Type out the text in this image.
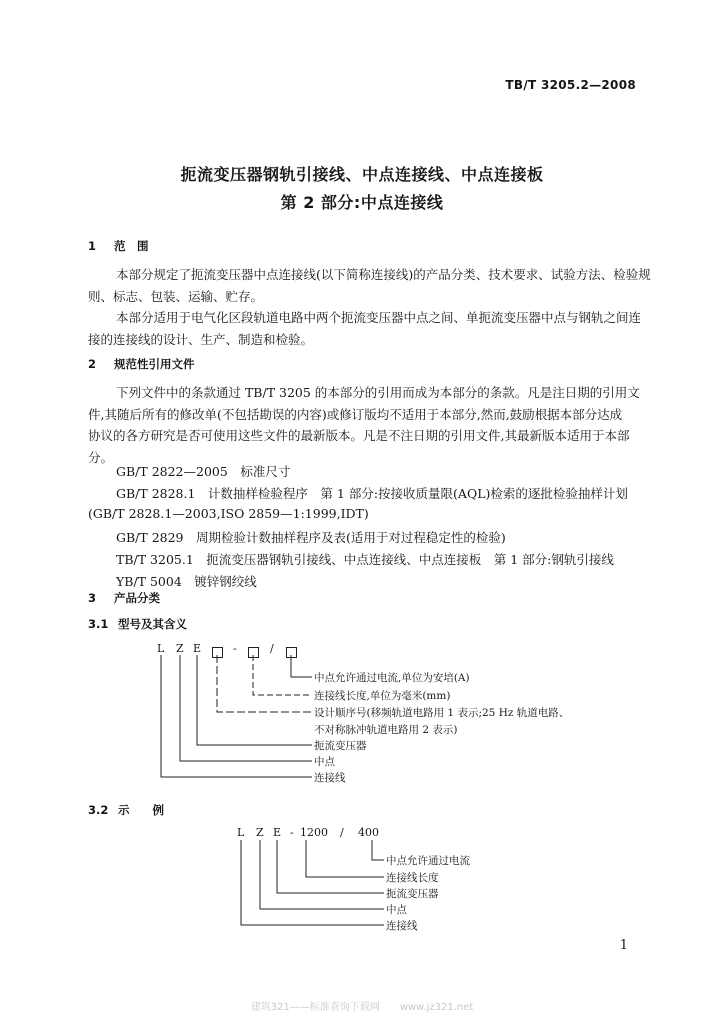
TB/T 3205.2—2008
扼流变压器钢轨引接线、中点连接线、中点连接板
第 2 部分:中点连接线
1 范　围
本部分规定了扼流变压器中点连接线(以下简称连接线)的产品分类、技术要求、试验方法、检验规
则、标志、包装、运输、贮存。
本部分适用于电气化区段轨道电路中两个扼流变压器中点之间、单扼流变压器中点与钢轨之间连
接的连接线的设计、生产、制造和检验。
2 规范性引用文件
下列文件中的条款通过 TB/T 3205 的本部分的引用而成为本部分的条款。凡是注日期的引用文
件,其随后所有的修改单(不包括勘误的内容)或修订版均不适用于本部分,然而,鼓励根据本部分达成
协议的各方研究是否可使用这些文件的最新版本。凡是不注日期的引用文件,其最新版本适用于本部
分。
GB/T 2822—2005　标准尺寸
GB/T 2828.1　计数抽样检验程序　第 1 部分:按接收质量限(AQL)检索的逐批检验抽样计划
(GB/T 2828.1—2003,ISO 2859—1:1999,IDT)
GB/T 2829　周期检验计数抽样程序及表(适用于对过程稳定性的检验)
TB/T 3205.1　扼流变压器钢轨引接线、中点连接线、中点连接板　第 1 部分:钢轨引接线
YB/T 5004　镀锌钢绞线
3 产品分类
3.1 型号及其含义
L Z E	-	/
中点允许通过电流,单位为安培(A)
连接线长度,单位为毫米(mm)
设计顺序号(移频轨道电路用 1 表示;25 Hz 轨道电路、
不对称脉冲轨道电路用 2 表示)
扼流变压器
中点
连接线
3.2 示　　例
L Z E - 1200 / 400
中点允许通过电流
连接线长度
扼流变压器
中点
连接线
1
建筑321——标准查询下载网　　www.jz321.net
